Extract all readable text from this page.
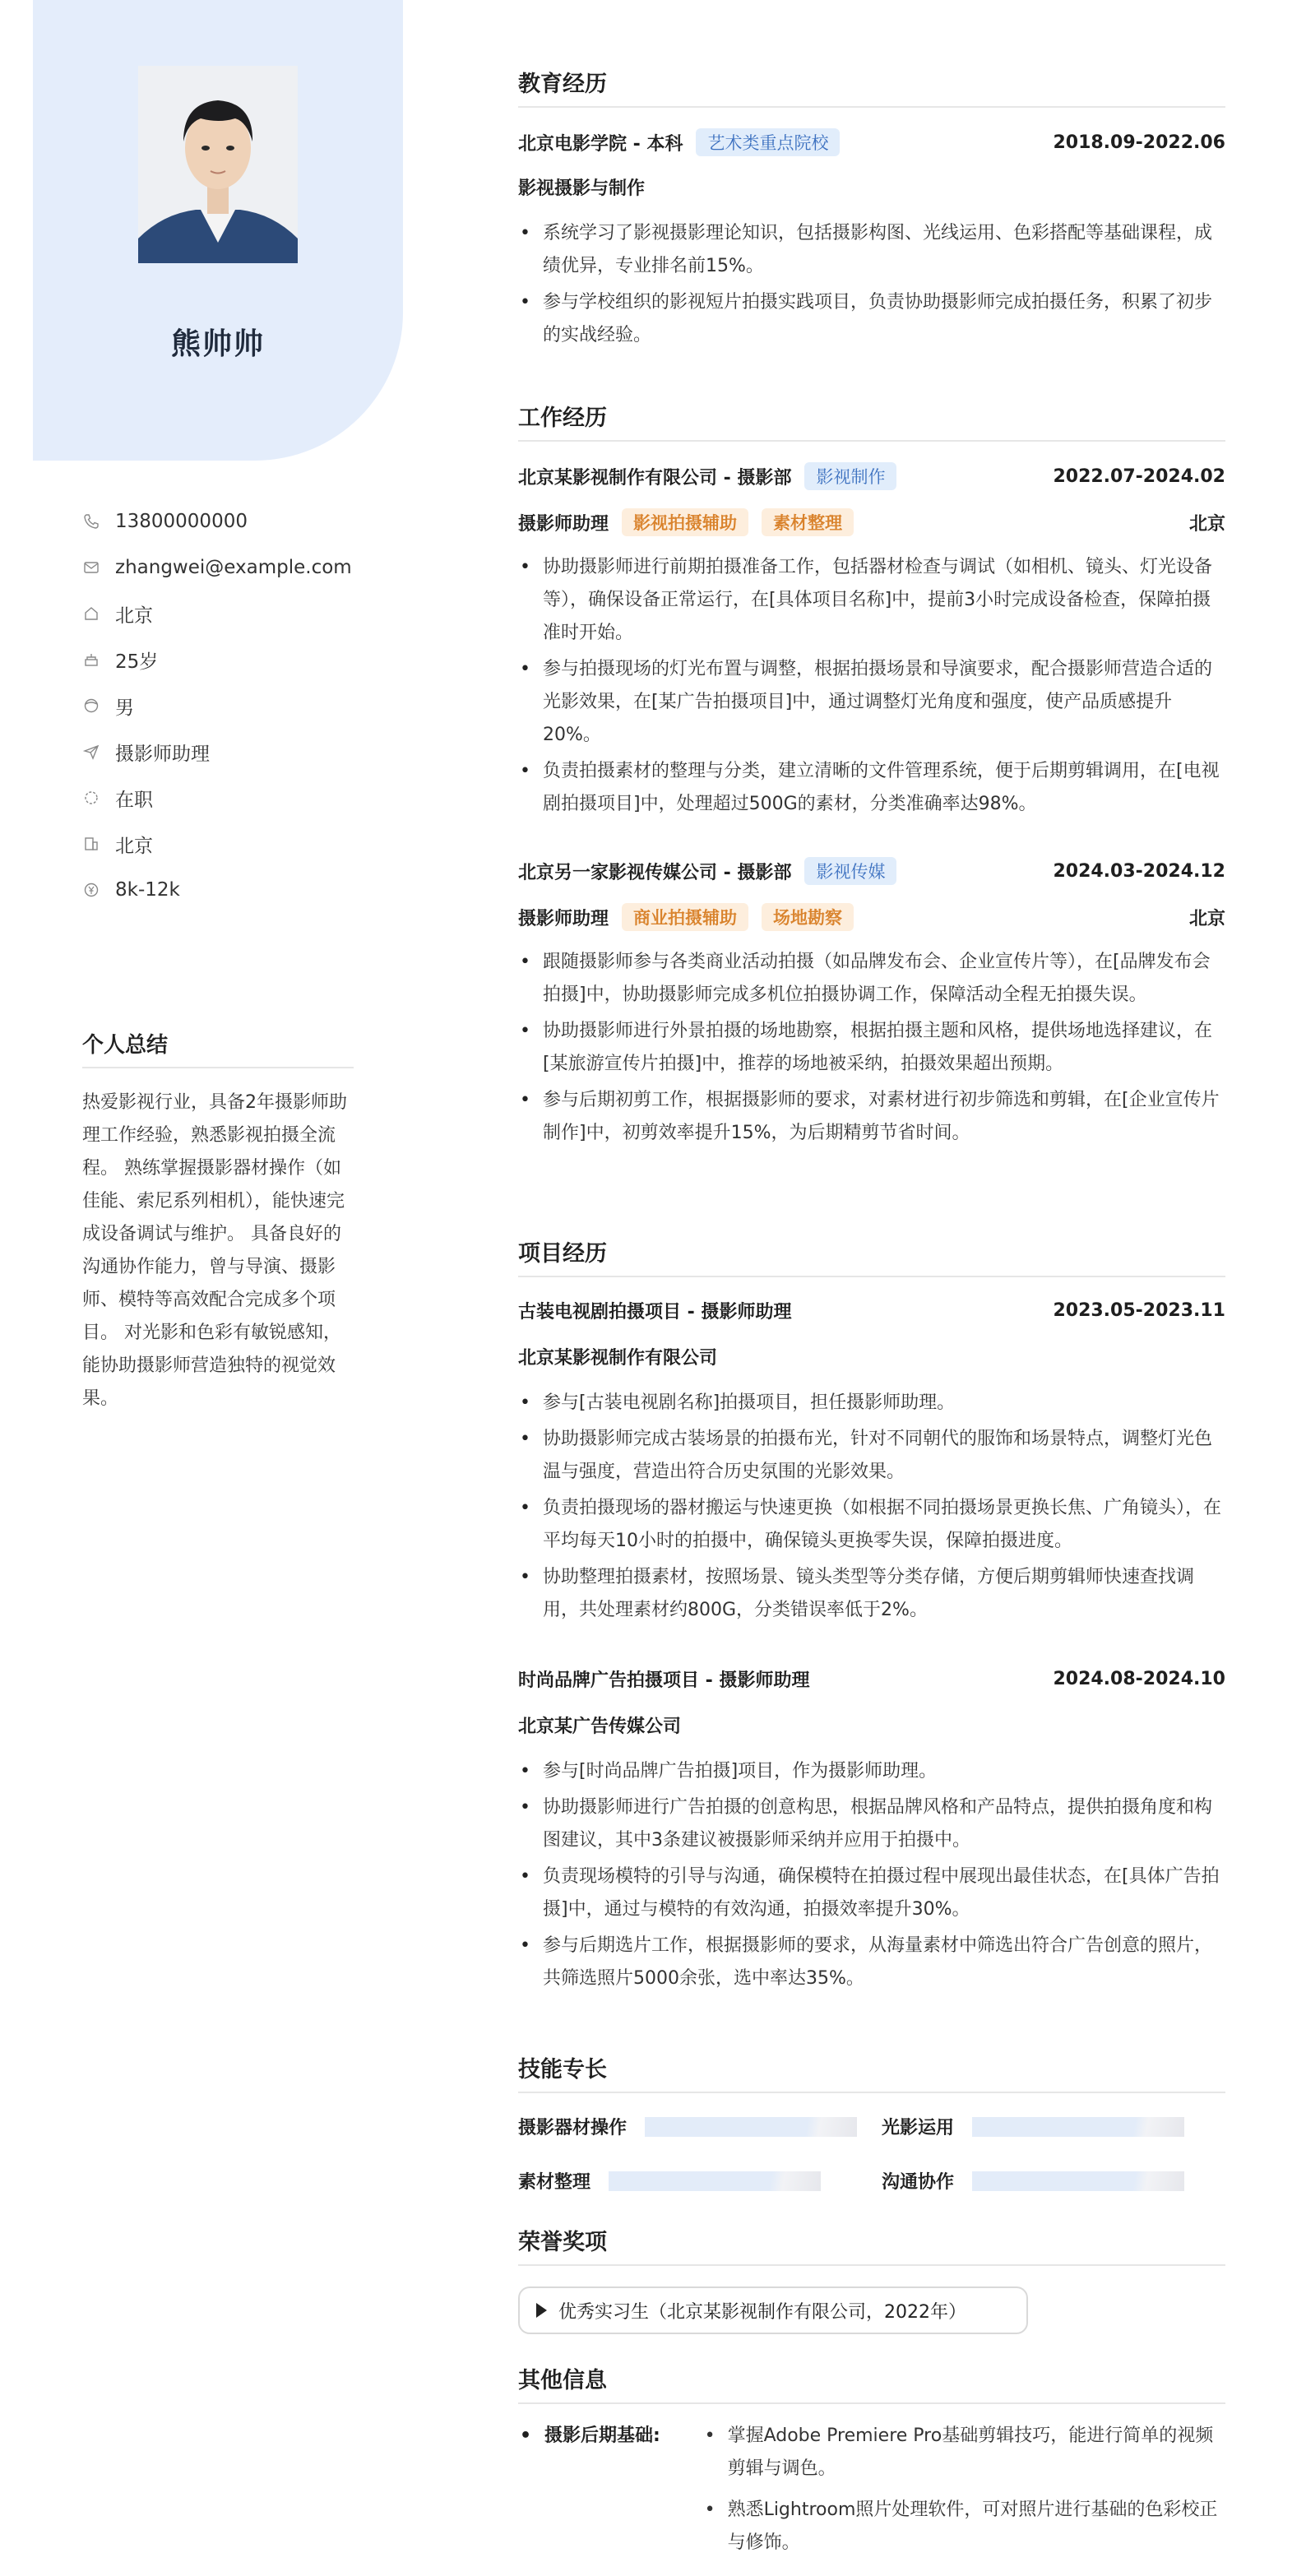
熊帅帅
13800000000
zhangwei@example.com
北京
25岁
男
摄影师助理
在职
北京
8k-12k
个人总结

热爱影视行业，具备2年摄影师助理工作经验，熟悉影视拍摄全流程。 熟练掌握摄影器材操作（如佳能、索尼系列相机），能快速完成设备调试与维护。 具备良好的沟通协作能力，曾与导演、摄影师、模特等高效配合完成多个项目。 对光影和色彩有敏锐感知，能协助摄影师营造独特的视觉效果。

教育经历
北京电影学院 - 本科	艺术类重点院校	2018.09-2022.06
影视摄影与制作
• 系统学习了影视摄影理论知识，包括摄影构图、光线运用、色彩搭配等基础课程，成绩优异，专业排名前15%。
• 参与学校组织的影视短片拍摄实践项目，负责协助摄影师完成拍摄任务，积累了初步的实战经验。
工作经历
北京某影视制作有限公司 - 摄影部	影视制作	2022.07-2024.02
摄影师助理	影视拍摄辅助	素材整理	北京
• 协助摄影师进行前期拍摄准备工作，包括器材检查与调试（如相机、镜头、灯光设备等），确保设备正常运行，在[具体项目名称]中，提前3小时完成设备检查，保障拍摄准时开始。
• 参与拍摄现场的灯光布置与调整，根据拍摄场景和导演要求，配合摄影师营造合适的光影效果，在[某广告拍摄项目]中，通过调整灯光角度和强度，使产品质感提升20%。
• 负责拍摄素材的整理与分类，建立清晰的文件管理系统，便于后期剪辑调用，在[电视剧拍摄项目]中，处理超过500G的素材，分类准确率达98%。
北京另一家影视传媒公司 - 摄影部	影视传媒	2024.03-2024.12
摄影师助理	商业拍摄辅助	场地勘察	北京
• 跟随摄影师参与各类商业活动拍摄（如品牌发布会、企业宣传片等），在[品牌发布会拍摄]中，协助摄影师完成多机位拍摄协调工作，保障活动全程无拍摄失误。
• 协助摄影师进行外景拍摄的场地勘察，根据拍摄主题和风格，提供场地选择建议，在[某旅游宣传片拍摄]中，推荐的场地被采纳，拍摄效果超出预期。
• 参与后期初剪工作，根据摄影师的要求，对素材进行初步筛选和剪辑，在[企业宣传片制作]中，初剪效率提升15%，为后期精剪节省时间。
项目经历
古装电视剧拍摄项目 - 摄影师助理	2023.05-2023.11
北京某影视制作有限公司
• 参与[古装电视剧名称]拍摄项目，担任摄影师助理。
• 协助摄影师完成古装场景的拍摄布光，针对不同朝代的服饰和场景特点，调整灯光色温与强度，营造出符合历史氛围的光影效果。
• 负责拍摄现场的器材搬运与快速更换（如根据不同拍摄场景更换长焦、广角镜头），在平均每天10小时的拍摄中，确保镜头更换零失误，保障拍摄进度。
• 协助整理拍摄素材，按照场景、镜头类型等分类存储，方便后期剪辑师快速查找调用，共处理素材约800G，分类错误率低于2%。
时尚品牌广告拍摄项目 - 摄影师助理	2024.08-2024.10
北京某广告传媒公司
• 参与[时尚品牌广告拍摄]项目，作为摄影师助理。
• 协助摄影师进行广告拍摄的创意构思，根据品牌风格和产品特点，提供拍摄角度和构图建议，其中3条建议被摄影师采纳并应用于拍摄中。
• 负责现场模特的引导与沟通，确保模特在拍摄过程中展现出最佳状态，在[具体广告拍摄]中，通过与模特的有效沟通，拍摄效率提升30%。
• 参与后期选片工作，根据摄影师的要求，从海量素材中筛选出符合广告创意的照片，共筛选照片5000余张，选中率达35%。
技能专长
摄影器材操作	光影运用
素材整理	沟通协作
荣誉奖项
优秀实习生（北京某影视制作有限公司，2022年）
其他信息
• 摄影后期基础:
•	掌握Adobe Premiere Pro基础剪辑技巧，能进行简单的视频剪辑与调色。
• 熟悉Lightroom照片处理软件，可对照片进行基础的色彩校正与修饰。
